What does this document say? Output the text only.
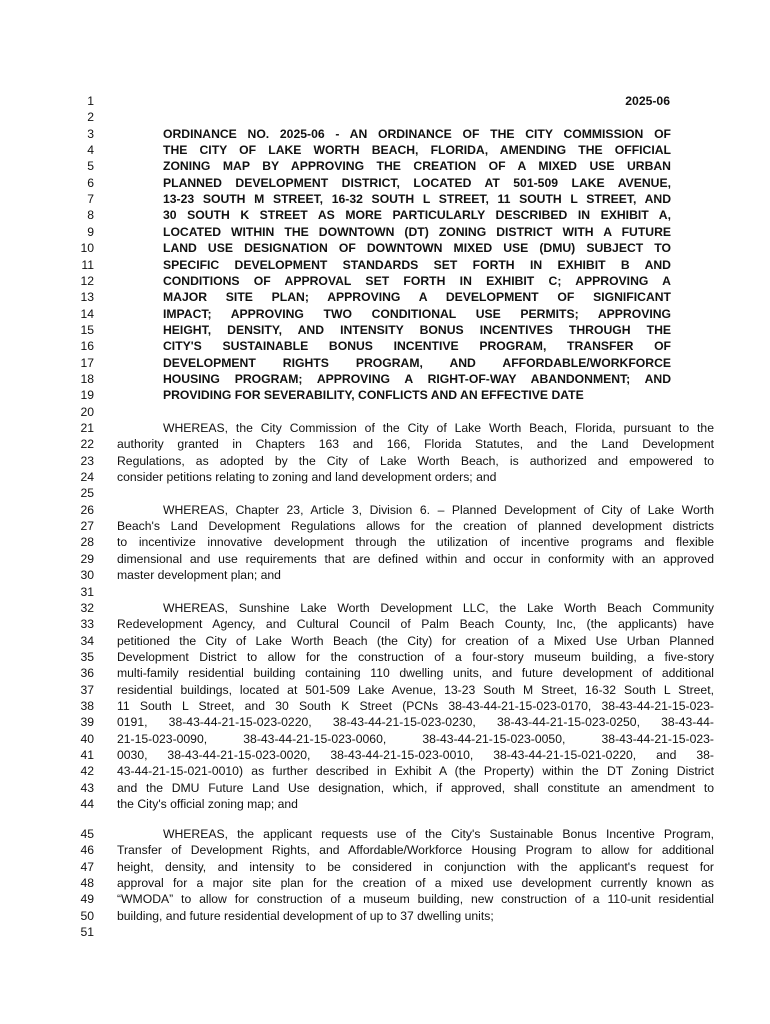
1	2025-06
2
3	ORDINANCE NO. 2025-06 - AN ORDINANCE OF THE CITY COMMISSION OF
4	THE CITY OF LAKE WORTH BEACH, FLORIDA, AMENDING THE OFFICIAL
5	ZONING MAP BY APPROVING THE CREATION OF A MIXED USE URBAN
6	PLANNED DEVELOPMENT DISTRICT, LOCATED AT 501-509 LAKE AVENUE,
7	13-23 SOUTH M STREET, 16-32 SOUTH L STREET, 11 SOUTH L STREET, AND
8	30 SOUTH K STREET AS MORE PARTICULARLY DESCRIBED IN EXHIBIT A,
9	LOCATED WITHIN THE DOWNTOWN (DT) ZONING DISTRICT WITH A FUTURE
10	LAND USE DESIGNATION OF DOWNTOWN MIXED USE (DMU) SUBJECT TO
11	SPECIFIC DEVELOPMENT STANDARDS SET FORTH IN EXHIBIT B AND
12	CONDITIONS OF APPROVAL SET FORTH IN EXHIBIT C; APPROVING A
13	MAJOR SITE PLAN; APPROVING A DEVELOPMENT OF SIGNIFICANT
14	IMPACT; APPROVING TWO CONDITIONAL USE PERMITS; APPROVING
15	HEIGHT, DENSITY, AND INTENSITY BONUS INCENTIVES THROUGH THE
16	CITY'S SUSTAINABLE BONUS INCENTIVE PROGRAM, TRANSFER OF
17	DEVELOPMENT RIGHTS PROGRAM, AND AFFORDABLE/WORKFORCE
18	HOUSING PROGRAM; APPROVING A RIGHT-OF-WAY ABANDONMENT; AND
19	PROVIDING FOR SEVERABILITY, CONFLICTS AND AN EFFECTIVE DATE
20
21	WHEREAS, the City Commission of the City of Lake Worth Beach, Florida, pursuant to the
22 authority granted in Chapters 163 and 166, Florida Statutes, and the Land Development
23 Regulations, as adopted by the City of Lake Worth Beach, is authorized and empowered to
24 consider petitions relating to zoning and land development orders; and
25
26	WHEREAS, Chapter 23, Article 3, Division 6. – Planned Development of City of Lake Worth
27 Beach's Land Development Regulations allows for the creation of planned development districts
28 to incentivize innovative development through the utilization of incentive programs and flexible
29 dimensional and use requirements that are defined within and occur in conformity with an approved
30 master development plan; and
31
32	WHEREAS, Sunshine Lake Worth Development LLC, the Lake Worth Beach Community
33 Redevelopment Agency, and Cultural Council of Palm Beach County, Inc, (the applicants) have
34 petitioned the City of Lake Worth Beach (the City) for creation of a Mixed Use Urban Planned
35 Development District to allow for the construction of a four-story museum building, a five-story
36 multi-family residential building containing 110 dwelling units, and future development of additional
37 residential buildings, located at 501-509 Lake Avenue, 13-23 South M Street, 16-32 South L Street,
38 11 South L Street, and 30 South K Street (PCNs 38-43-44-21-15-023-0170, 38-43-44-21-15-023-
39 0191, 38-43-44-21-15-023-0220, 38-43-44-21-15-023-0230, 38-43-44-21-15-023-0250, 38-43-44-
40 21-15-023-0090, 38-43-44-21-15-023-0060, 38-43-44-21-15-023-0050, 38-43-44-21-15-023-
41 0030, 38-43-44-21-15-023-0020, 38-43-44-21-15-023-0010, 38-43-44-21-15-021-0220, and 38-
42 43-44-21-15-021-0010) as further described in Exhibit A (the Property) within the DT Zoning District
43 and the DMU Future Land Use designation, which, if approved, shall constitute an amendment to
44 the City's official zoning map; and
45	WHEREAS, the applicant requests use of the City's Sustainable Bonus Incentive Program,
46 Transfer of Development Rights, and Affordable/Workforce Housing Program to allow for additional
47 height, density, and intensity to be considered in conjunction with the applicant's request for
48 approval for a major site plan for the creation of a mixed use development currently known as
49 “WMODA” to allow for construction of a museum building, new construction of a 110-unit residential
50 building, and future residential development of up to 37 dwelling units;
51
